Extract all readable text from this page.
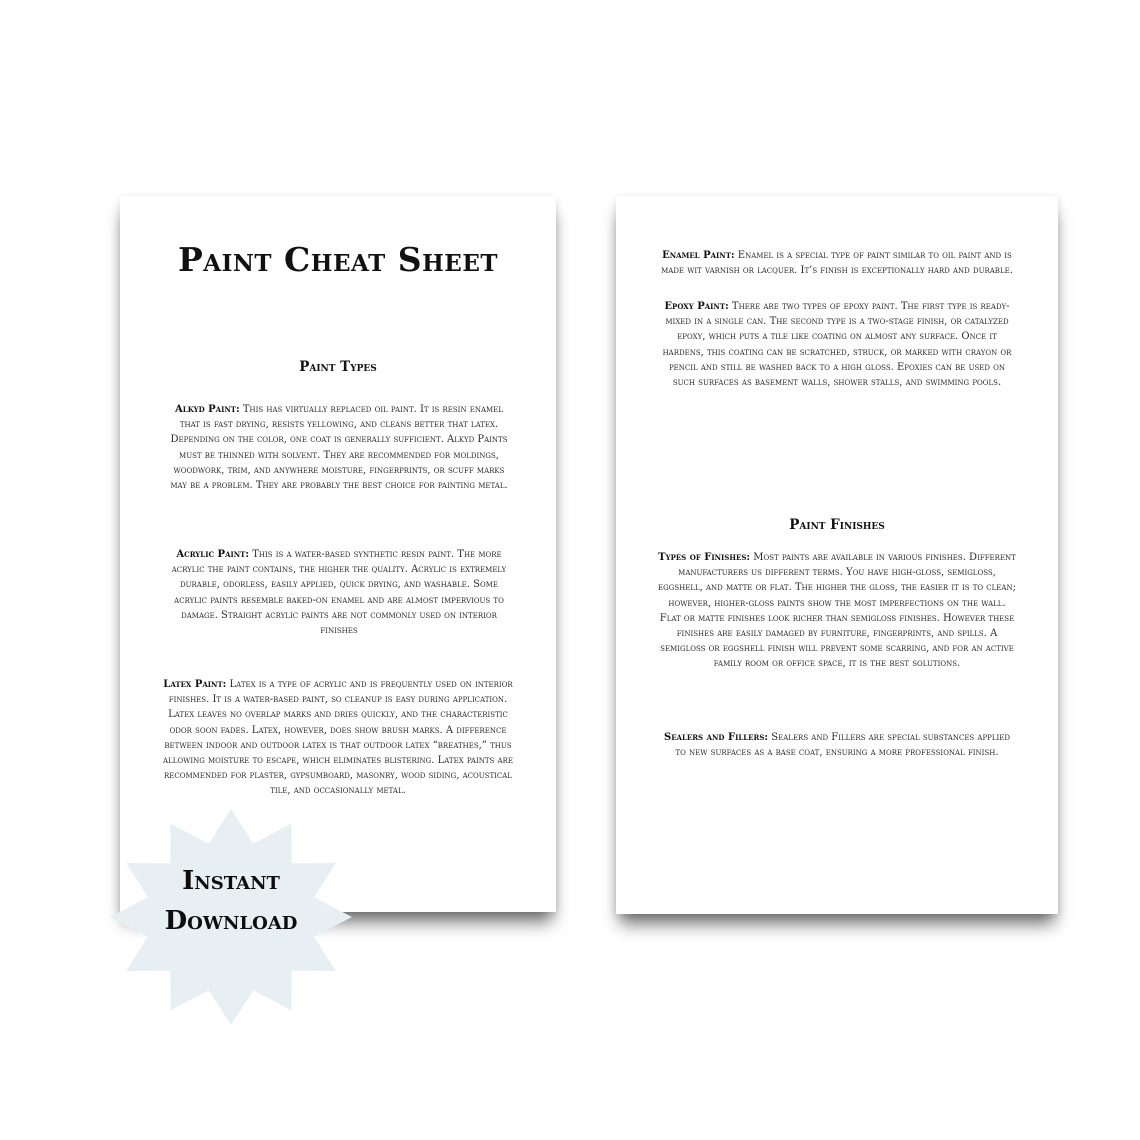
Paint Cheat Sheet
Paint Types

Alkyd Paint: This has virtually replaced oil paint. It is resin enamel that is fast drying, resists yellowing, and cleans better that latex. Depending on the color, one coat is generally sufficient. Alkyd Paints must be thinned with solvent. They are recommended for moldings, woodwork, trim, and anywhere moisture, fingerprints, or scuff marks may be a problem. They are probably the best choice for painting metal.

Acrylic Paint: This is a water-based synthetic resin paint. The more acrylic the paint contains, the higher the quality. Acrylic is extremely durable, odorless, easily applied, quick drying, and washable. Some acrylic paints resemble baked-on enamel and are almost impervious to damage. Straight acrylic paints are not commonly used on interior finishes

Latex Paint: Latex is a type of acrylic and is frequently used on interior finishes. It is a water-based paint, so cleanup is easy during application. Latex leaves no overlap marks and dries quickly, and the characteristic odor soon fades. Latex, however, does show brush marks. A difference between indoor and outdoor latex is that outdoor latex “breathes,” thus allowing moisture to escape, which eliminates blistering. Latex paints are recommended for plaster, gypsumboard, masonry, wood siding, acoustical tile, and occasionally metal.

Enamel Paint: Enamel is a special type of paint similar to oil paint and is made wit varnish or lacquer. It’s finish is exceptionally hard and durable.

Epoxy Paint: There are two types of epoxy paint. The first type is ready-mixed in a single can. The second type is a two-stage finish, or catalyzed epoxy, which puts a tile like coating on almost any surface. Once it hardens, this coating can be scratched, struck, or marked with crayon or pencil and still be washed back to a high gloss. Epoxies can be used on such surfaces as basement walls, shower stalls, and swimming pools.

Paint Finishes

Types of Finishes: Most paints are available in various finishes. Different manufacturers us different terms. You have high-gloss, semigloss, eggshell, and matte or flat. The higher the gloss, the easier it is to clean; however, higher-gloss paints show the most imperfections on the wall. Flat or matte finishes look richer than semigloss finishes. However these finishes are easily damaged by furniture, fingerprints, and spills. A semigloss or eggshell finish will prevent some scarring, and for an active family room or office space, it is the best solutions.

Sealers and Fillers: Sealers and Fillers are special substances applied to new surfaces as a base coat, ensuring a more professional finish.

Instant

Download
